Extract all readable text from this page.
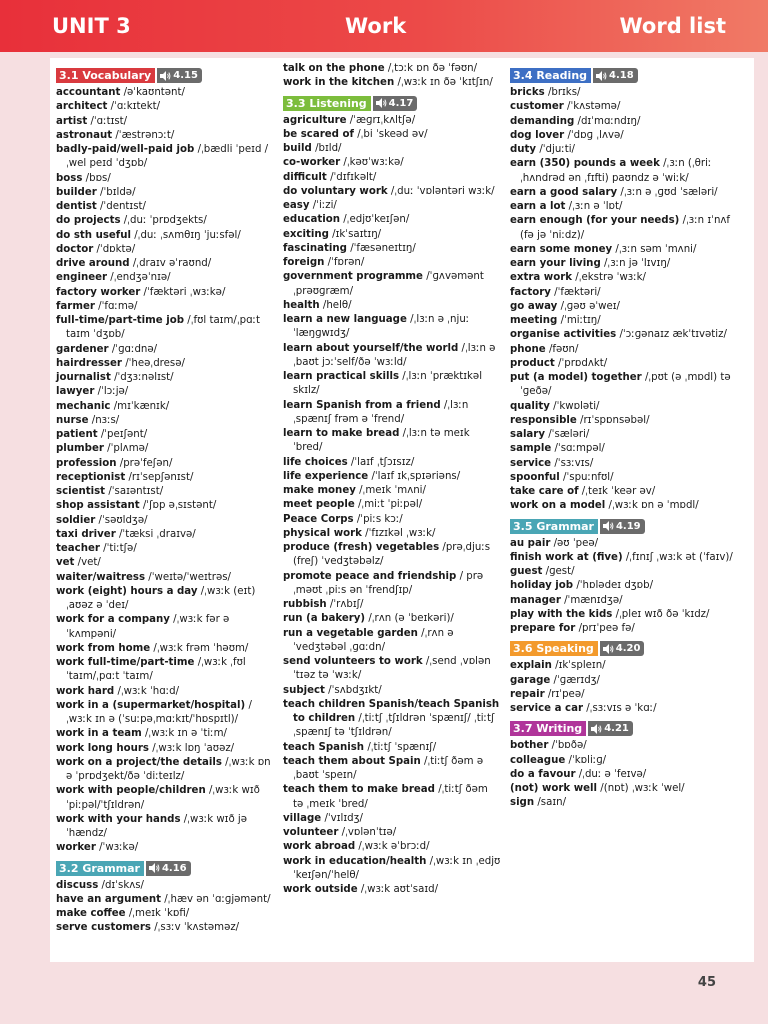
UNIT 3	Work	Word list
3.1 Vocabulary	4.15
accountant /əˈkaʊntənt/
architect /ˈɑːkɪtekt/
artist /ˈɑːtɪst/
astronaut /ˈæstrənɔːt/
badly-paid/well-paid job /ˌbædli ˈpeɪd / ˌwel peɪd ˈdʒɒb/
boss /bɒs/
builder /ˈbɪldə/
dentist /ˈdentɪst/
do projects /ˌduː ˈprɒdʒekts/
do sth useful /ˌduː ˌsʌmθɪŋ ˈjuːsfəl/
doctor /ˈdɒktə/
drive around /ˌdraɪv əˈraʊnd/
engineer /ˌendʒəˈnɪə/
factory worker /ˈfæktəri ˌwɜːkə/
farmer /ˈfɑːmə/
full-time/part-time job /ˌfʊl taɪm/ˌpɑːt taɪm ˈdʒɒb/
gardener /ˈɡɑːdnə/
hairdresser /ˈheəˌdresə/
journalist /ˈdʒɜːnəlɪst/
lawyer /ˈlɔːjə/
mechanic /mɪˈkænɪk/
nurse /nɜːs/
patient /ˈpeɪʃənt/
plumber /ˈplʌmə/
profession /prəˈfeʃən/
receptionist /rɪˈsepʃənɪst/
scientist /ˈsaɪəntɪst/
shop assistant /ˈʃɒp əˌsɪstənt/
soldier /ˈsəʊldʒə/
taxi driver /ˈtæksi ˌdraɪvə/
teacher /ˈtiːtʃə/
vet /vet/
waiter/waitress /ˈweɪtə/ˈweɪtrəs/
work (eight) hours a day /ˌwɜːk (eɪt) ˌaʊəz ə ˈdeɪ/
work for a company /ˌwɜːk fər ə ˈkʌmpəni/
work from home /ˌwɜːk frəm ˈhəʊm/
work full-time/part-time /ˌwɜːk ˌfʊl ˈtaɪm/ˌpɑːt ˈtaɪm/
work hard /ˌwɜːk ˈhɑːd/
work in a (supermarket/hospital) / ˌwɜːk ɪn ə (ˈsuːpəˌmɑːkɪt/ˈhɒspɪtl)/
work in a team /ˌwɜːk ɪn ə ˈtiːm/
work long hours /ˌwɜːk lɒŋ ˈaʊəz/
work on a project/the details /ˌwɜːk ɒn ə ˈprɒdʒekt/ðə ˈdiːteɪlz/
work with people/children /ˌwɜːk wɪð ˈpiːpəl/ˈtʃɪldrən/
work with your hands /ˌwɜːk wɪð jə ˈhændz/
worker /ˈwɜːkə/
3.2 Grammar	4.16
discuss /dɪˈskʌs/
have an argument /ˌhæv ən ˈɑːɡjəmənt/
make coffee /ˌmeɪk ˈkɒfi/
serve customers /ˌsɜːv ˈkʌstəməz/
talk on the phone /ˌtɔːk ɒn ðə ˈfəʊn/
work in the kitchen /ˌwɜːk ɪn ðə ˈkɪtʃɪn/
3.3 Listening	4.17
agriculture /ˈæɡrɪˌkʌltʃə/
be scared of /ˌbi ˈskeəd əv/
build /bɪld/
co-worker /ˌkəʊˈwɜːkə/
difficult /ˈdɪfɪkəlt/
do voluntary work /ˌduː ˈvɒləntəri wɜːk/
easy /ˈiːzi/
education /ˌedjʊˈkeɪʃən/
exciting /ɪkˈsaɪtɪŋ/
fascinating /ˈfæsəneɪtɪŋ/
foreign /ˈfɒrən/
government programme /ˈɡʌvəmənt ˌprəʊɡræm/
health /helθ/
learn a new language /ˌlɜːn ə ˌnjuː ˈlæŋɡwɪdʒ/
learn about yourself/the world /ˌlɜːn əˌbaʊt jɔːˈself/ðə ˈwɜːld/
learn practical skills /ˌlɜːn ˈpræktɪkəl skɪlz/
learn Spanish from a friend /ˌlɜːn ˌspænɪʃ frəm ə ˈfrend/
learn to make bread /ˌlɜːn tə meɪk ˈbred/
life choices /ˈlaɪf ˌtʃɔɪsɪz/
life experience /ˈlaɪf ɪkˌspɪəriəns/
make money /ˌmeɪk ˈmʌni/
meet people /ˌmiːt ˈpiːpəl/
Peace Corps /ˈpiːs kɔː/
physical work /ˈfɪzɪkəl ˌwɜːk/
produce (fresh) vegetables /prəˌdjuːs (freʃ) ˈvedʒtəbəlz/
promote peace and friendship / prəˌməʊt ˌpiːs ən ˈfrendʃɪp/
rubbish /ˈrʌbɪʃ/
run (a bakery) /ˌrʌn (ə ˈbeɪkəri)/
run a vegetable garden /ˌrʌn ə ˈvedʒtəbəl ˌɡɑːdn/
send volunteers to work /ˌsend ˌvɒlənˈtɪəz tə ˈwɜːk/
subject /ˈsʌbdʒɪkt/
teach children Spanish/teach Spanish to children /ˌtiːtʃ ˌtʃɪldrən ˈspænɪʃ/ ˌtiːtʃ ˌspænɪʃ tə ˈtʃɪldrən/
teach Spanish /ˌtiːtʃ ˈspænɪʃ/
teach them about Spain /ˌtiːtʃ ðəm əˌbaʊt ˈspeɪn/
teach them to make bread /ˌtiːtʃ ðəm tə ˌmeɪk ˈbred/
village /ˈvɪlɪdʒ/
volunteer /ˌvɒlənˈtɪə/
work abroad /ˌwɜːk əˈbrɔːd/
work in education/health /ˌwɜːk ɪn ˌedjʊˈkeɪʃən/ˈhelθ/
work outside /ˌwɜːk aʊtˈsaɪd/
3.4 Reading	4.18
bricks /brɪks/
customer /ˈkʌstəmə/
demanding /dɪˈmɑːndɪŋ/
dog lover /ˈdɒɡ ˌlʌvə/
duty /ˈdjuːti/
earn (350) pounds a week /ˌɜːn (ˌθriː ˌhʌndrəd ən ˌfɪfti) paʊndz ə ˈwiːk/
earn a good salary /ˌɜːn ə ˌɡʊd ˈsæləri/
earn a lot /ˌɜːn ə ˈlɒt/
earn enough (for your needs) /ˌɜːn ɪˈnʌf (fə jə ˈniːdz)/
earn some money /ˌɜːn səm ˈmʌni/
earn your living /ˌɜːn jə ˈlɪvɪŋ/
extra work /ˌekstrə ˈwɜːk/
factory /ˈfæktəri/
go away /ˌɡəʊ əˈweɪ/
meeting /ˈmiːtɪŋ/
organise activities /ˈɔːɡənaɪz ækˈtɪvətiz/
phone /fəʊn/
product /ˈprɒdʌkt/
put (a model) together /ˌpʊt (ə ˌmɒdl) təˈɡeðə/
quality /ˈkwɒləti/
responsible /rɪˈspɒnsəbəl/
salary /ˈsæləri/
sample /ˈsɑːmpəl/
service /ˈsɜːvɪs/
spoonful /ˈspuːnfʊl/
take care of /ˌteɪk ˈkeər əv/
work on a model /ˌwɜːk ɒn ə ˈmɒdl/
3.5 Grammar	4.19
au pair /əʊ ˈpeə/
finish work at (five) /ˌfɪnɪʃ ˌwɜːk ət (ˈfaɪv)/
guest /ɡest/
holiday job /ˈhɒlədeɪ dʒɒb/
manager /ˈmænɪdʒə/
play with the kids /ˌpleɪ wɪð ðə ˈkɪdz/
prepare for /prɪˈpeə fə/
3.6 Speaking	4.20
explain /ɪkˈspleɪn/
garage /ˈɡærɪdʒ/
repair /rɪˈpeə/
service a car /ˌsɜːvɪs ə ˈkɑː/
3.7 Writing	4.21
bother /ˈbɒðə/
colleague /ˈkɒliːɡ/
do a favour /ˌduː ə ˈfeɪvə/
(not) work well /(nɒt) ˌwɜːk ˈwel/
sign /saɪn/
45
